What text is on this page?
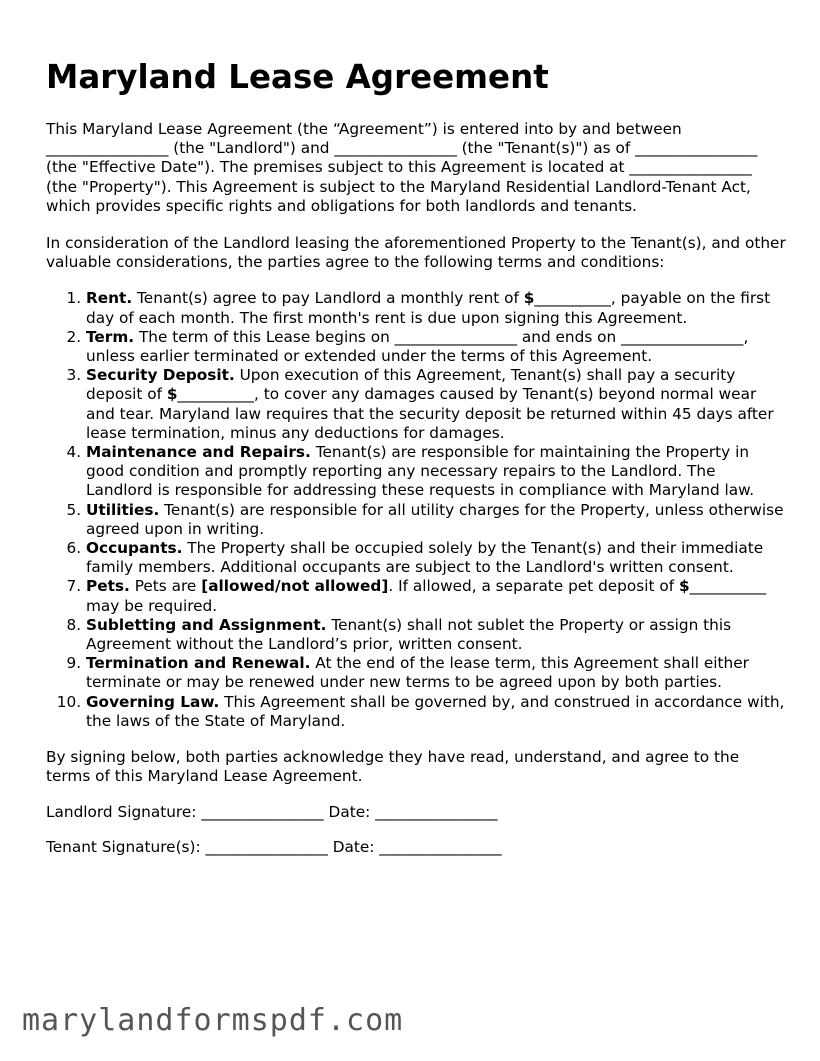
Maryland Lease Agreement

This Maryland Lease Agreement (the “Agreement”) is entered into by and between ________________ (the "Landlord") and ________________ (the "Tenant(s)") as of ________________ (the "Effective Date"). The premises subject to this Agreement is located at ________________ (the "Property"). This Agreement is subject to the Maryland Residential Landlord-Tenant Act, which provides specific rights and obligations for both landlords and tenants.

In consideration of the Landlord leasing the aforementioned Property to the Tenant(s), and other valuable considerations, the parties agree to the following terms and conditions:

1. Rent. Tenant(s) agree to pay Landlord a monthly rent of $__________, payable on the first day of each month. The first month's rent is due upon signing this Agreement.
2. Term. The term of this Lease begins on ________________ and ends on ________________, unless earlier terminated or extended under the terms of this Agreement.
3. Security Deposit. Upon execution of this Agreement, Tenant(s) shall pay a security deposit of $__________, to cover any damages caused by Tenant(s) beyond normal wear and tear. Maryland law requires that the security deposit be returned within 45 days after lease termination, minus any deductions for damages.
4. Maintenance and Repairs. Tenant(s) are responsible for maintaining the Property in good condition and promptly reporting any necessary repairs to the Landlord. The Landlord is responsible for addressing these requests in compliance with Maryland law.
5. Utilities. Tenant(s) are responsible for all utility charges for the Property, unless otherwise agreed upon in writing.
6. Occupants. The Property shall be occupied solely by the Tenant(s) and their immediate family members. Additional occupants are subject to the Landlord's written consent.
7. Pets. Pets are [allowed/not allowed]. If allowed, a separate pet deposit of $__________ may be required.
8. Subletting and Assignment. Tenant(s) shall not sublet the Property or assign this Agreement without the Landlord’s prior, written consent.
9. Termination and Renewal. At the end of the lease term, this Agreement shall either terminate or may be renewed under new terms to be agreed upon by both parties.
10. Governing Law. This Agreement shall be governed by, and construed in accordance with, the laws of the State of Maryland.

By signing below, both parties acknowledge they have read, understand, and agree to the terms of this Maryland Lease Agreement.

Landlord Signature: ________________ Date: ________________
Tenant Signature(s): ________________ Date: ________________
marylandformspdf.com
